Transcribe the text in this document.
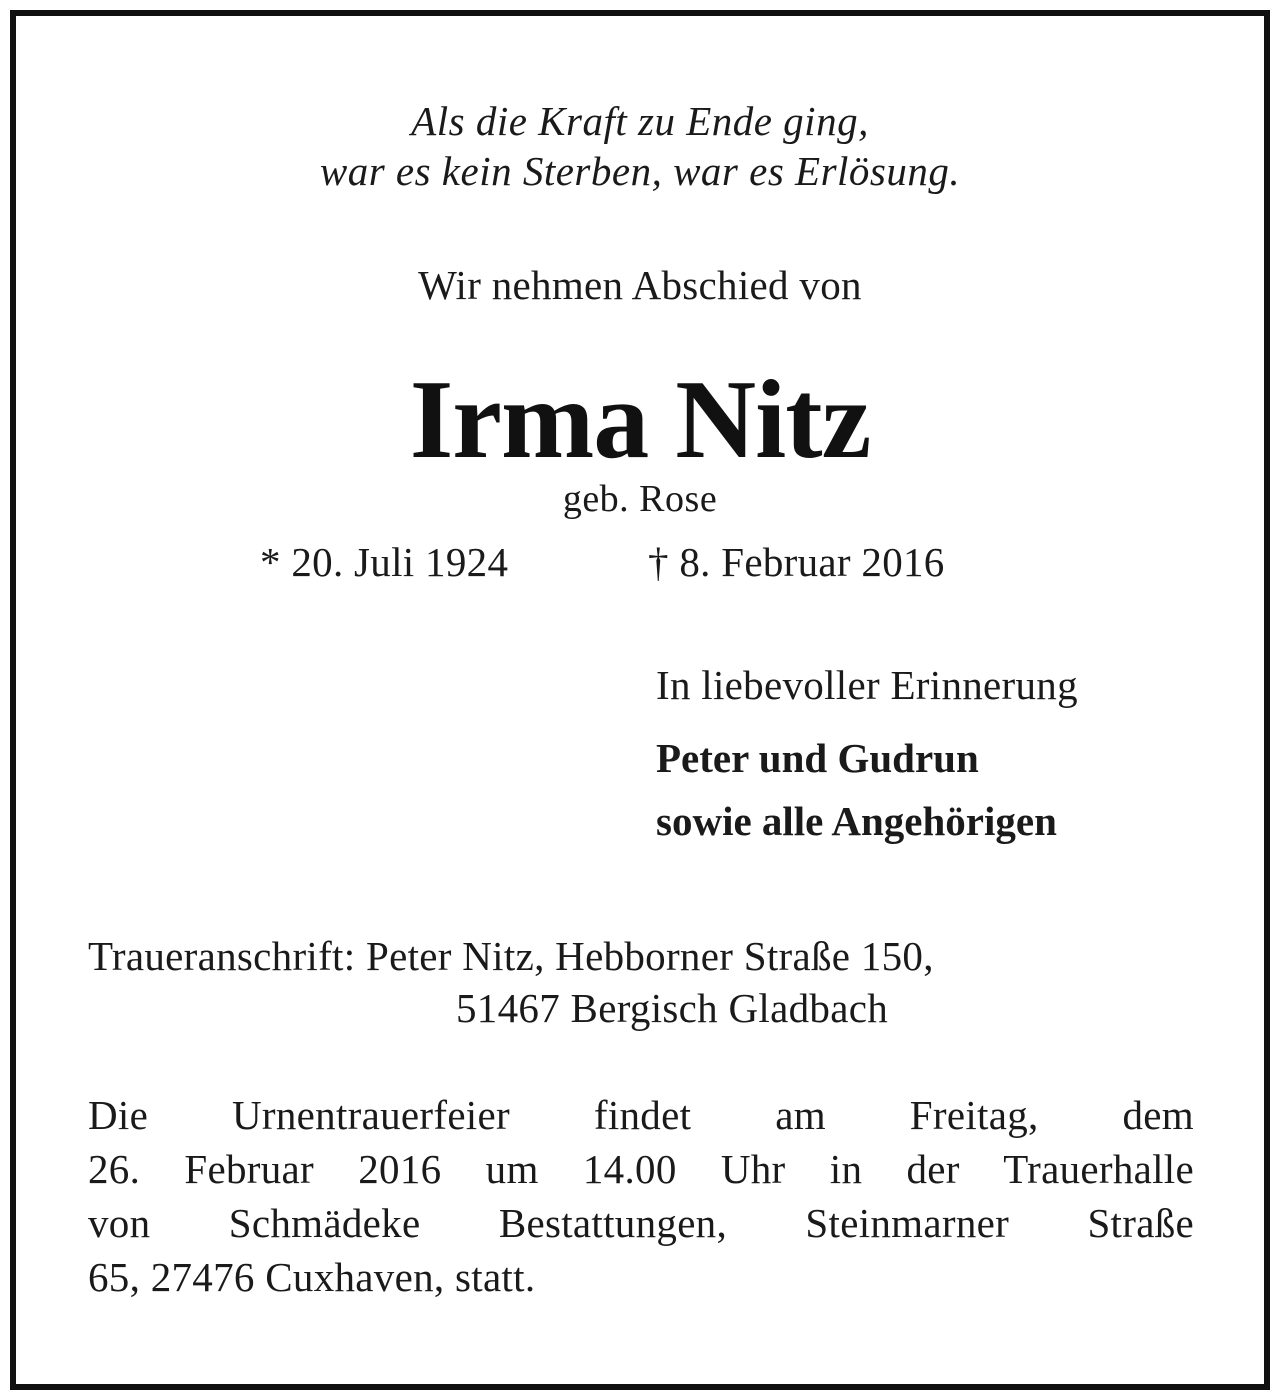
Als die Kraft zu Ende ging,
war es kein Sterben, war es Erlösung.
Wir nehmen Abschied von
Irma Nitz
geb. Rose
* 20. Juli 1924	† 8. Februar 2016
In liebevoller Erinnerung
Peter und Gudrun
sowie alle Angehörigen
Traueranschrift: Peter Nitz, Hebborner Straße 150,
51467 Bergisch Gladbach
Die Urnentrauerfeier findet am Freitag, dem
26. Februar 2016 um 14.00 Uhr in der Trauerhalle
von Schmädeke Bestattungen, Steinmarner Straße
65, 27476 Cuxhaven, statt.
